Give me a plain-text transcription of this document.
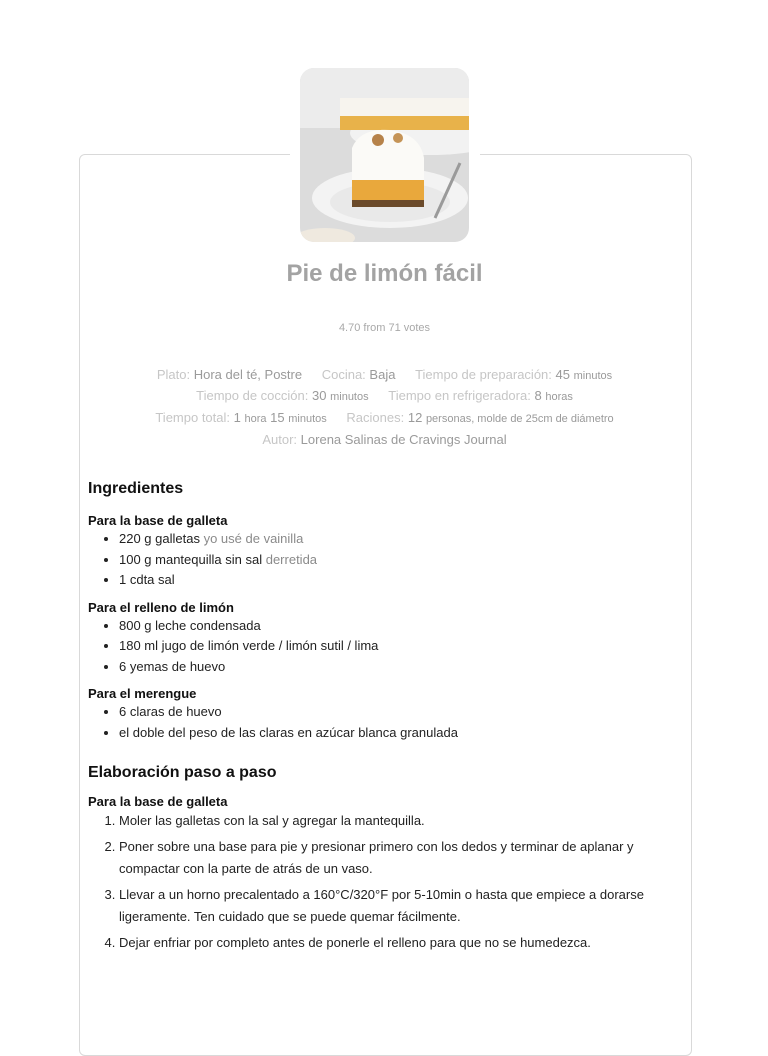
Pie de limón fácil
4.70 from 71 votes
Plato: Hora del té, Postre Cocina: Baja Tiempo de preparación: 45 minutos
Tiempo de cocción: 30 minutos Tiempo en refrigeradora: 8 horas
Tiempo total: 1 hora 15 minutos Raciones: 12 personas, molde de 25cm de diámetro
Autor: Lorena Salinas de Cravings Journal
Ingredientes
Para la base de galleta
• 220 g galletas yo usé de vainilla
• 100 g mantequilla sin sal derretida
• 1 cdta sal
Para el relleno de limón
• 800 g leche condensada
• 180 ml jugo de limón verde / limón sutil / lima
• 6 yemas de huevo
Para el merengue
• 6 claras de huevo
• el doble del peso de las claras en azúcar blanca granulada
Elaboración paso a paso
Para la base de galleta
1. Moler las galletas con la sal y agregar la mantequilla.
2. Poner sobre una base para pie y presionar primero con los dedos y terminar de aplanar y compactar con la parte de atrás de un vaso.
3. Llevar a un horno precalentado a 160°C/320°F por 5-10min o hasta que empiece a dorarse ligeramente. Ten cuidado que se puede quemar fácilmente.
4. Dejar enfriar por completo antes de ponerle el relleno para que no se humedezca.
